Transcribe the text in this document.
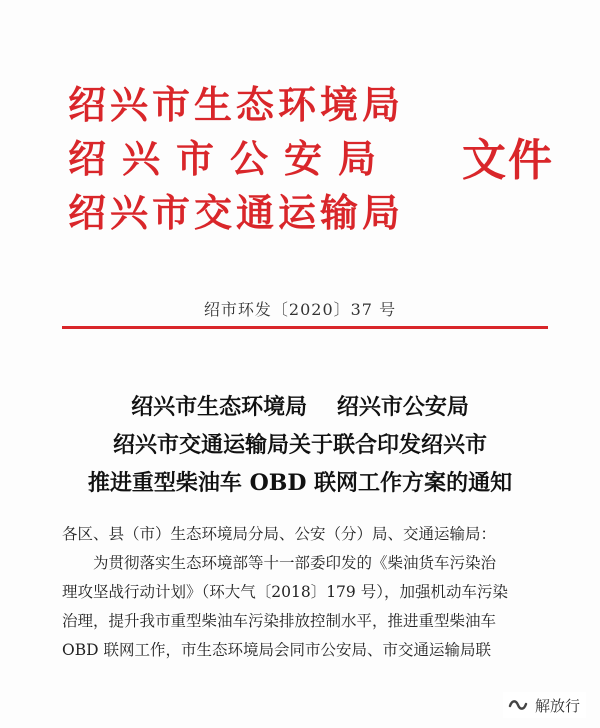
绍兴市生态环境局
绍兴市公安局
绍兴市交通运输局
文件
绍市环发〔2020〕37 号
绍兴市生态环境局　 绍兴市公安局
绍兴市交通运输局关于联合印发绍兴市
推进重型柴油车 OBD 联网工作方案的通知
各区、县（市）生态环境局分局、公安（分）局、交通运输局：
为贯彻落实生态环境部等十一部委印发的《柴油货车污染治
理攻坚战行动计划》（环大气〔2018〕179 号），加强机动车污染
治理，提升我市重型柴油车污染排放控制水平，推进重型柴油车
OBD 联网工作，市生态环境局会同市公安局、市交通运输局联
解放行
